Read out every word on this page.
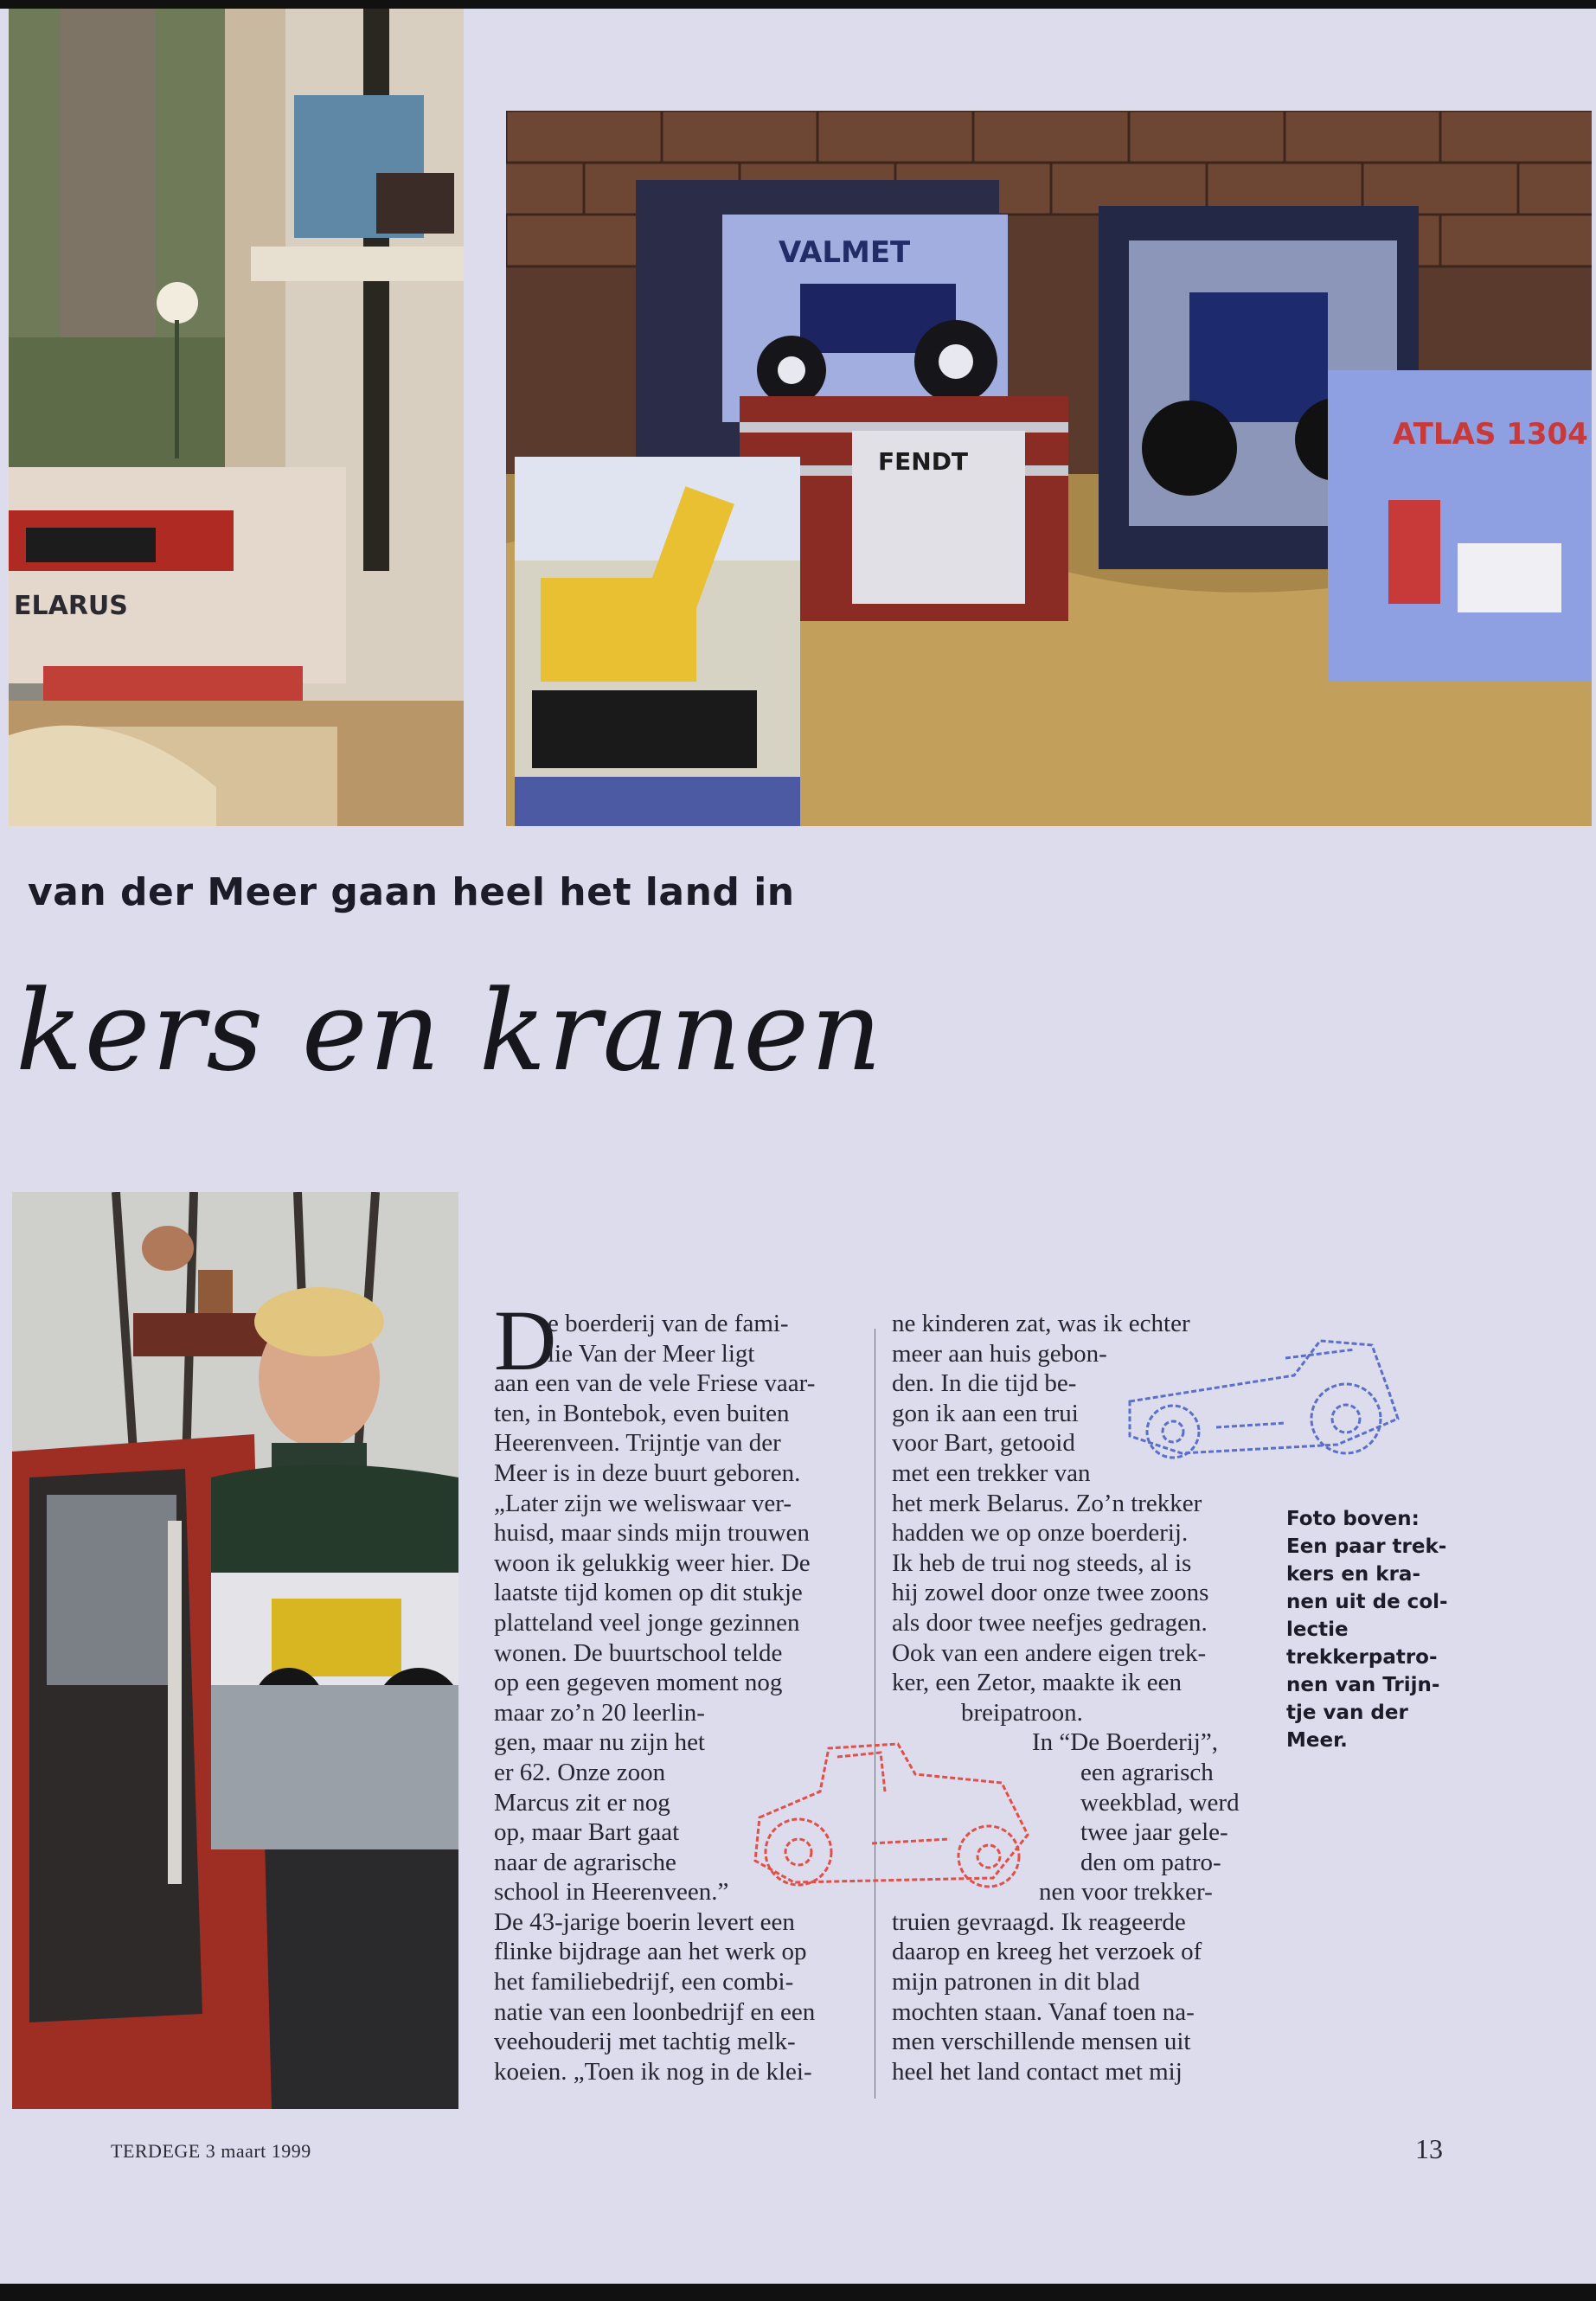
ELARUS
VALMET
ATLAS 1304
FENDT
van der Meer gaan heel het land in
kers en kranen
D
e boerderij van de fami-
lie Van der Meer ligt
aan een van de vele Friese vaar-
ten, in Bontebok, even buiten
Heerenveen. Trijntje van der
Meer is in deze buurt geboren.
„Later zijn we weliswaar ver-
huisd, maar sinds mijn trouwen
woon ik gelukkig weer hier. De
laatste tijd komen op dit stukje
platteland veel jonge gezinnen
wonen. De buurtschool telde
op een gegeven moment nog
maar zo’n 20 leerlin-
gen, maar nu zijn het
er 62. Onze zoon
Marcus zit er nog
op, maar Bart gaat
naar de agrarische
school in Heerenveen.”
De 43-jarige boerin levert een
flinke bijdrage aan het werk op
het familiebedrijf, een combi-
natie van een loonbedrijf en een
veehouderij met tachtig melk-
koeien. „Toen ik nog in de klei-
ne kinderen zat, was ik echter
meer aan huis gebon-
den. In die tijd be-
gon ik aan een trui
voor Bart, getooid
met een trekker van
het merk Belarus. Zo’n trekker
hadden we op onze boerderij.
Ik heb de trui nog steeds, al is
hij zowel door onze twee zoons
als door twee neefjes gedragen.
Ook van een andere eigen trek-
ker, een Zetor, maakte ik een
breipatroon.
In “De Boerderij”,
een agrarisch
weekblad, werd
twee jaar gele-
den om patro-
nen voor trekker-
truien gevraagd. Ik reageerde
daarop en kreeg het verzoek of
mijn patronen in dit blad
mochten staan. Vanaf toen na-
men verschillende mensen uit
heel het land contact met mij
Foto boven:
Een paar trek-
kers en kra-
nen uit de col-
lectie
trekkerpatro-
nen van Trijn-
tje van der
Meer.
TERDEGE 3 maart 1999	13
